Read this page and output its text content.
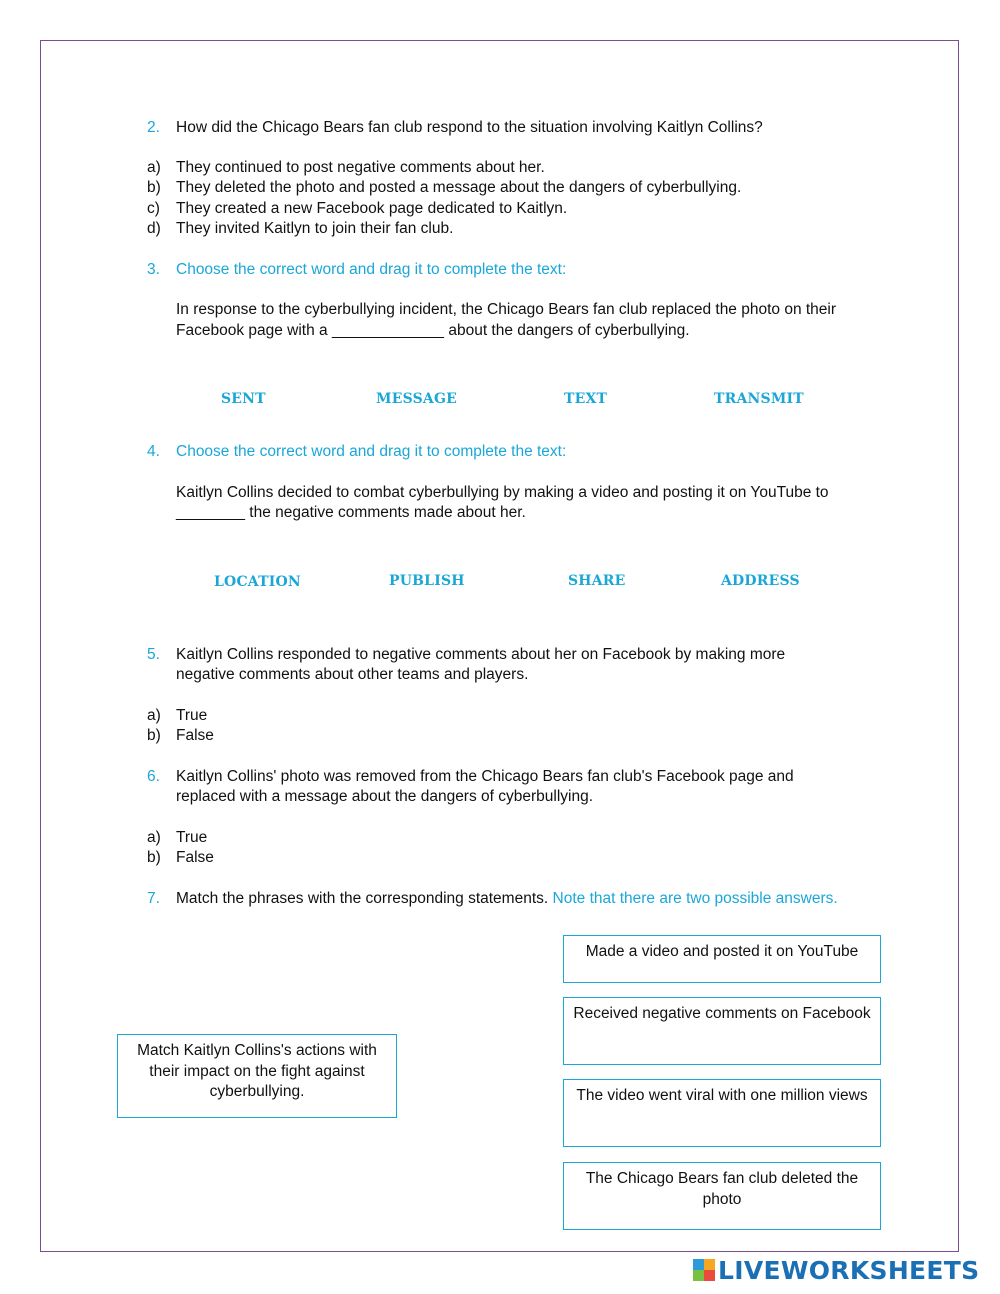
2. How did the Chicago Bears fan club respond to the situation involving Kaitlyn Collins?
a) They continued to post negative comments about her.
b) They deleted the photo and posted a message about the dangers of cyberbullying.
c) They created a new Facebook page dedicated to Kaitlyn.
d) They invited Kaitlyn to join their fan club.
3. Choose the correct word and drag it to complete the text:
In response to the cyberbullying incident, the Chicago Bears fan club replaced the photo on their
Facebook page with a _____________ about the dangers of cyberbullying.
SENT	MESSAGE	TEXT	TRANSMIT
4. Choose the correct word and drag it to complete the text:
Kaitlyn Collins decided to combat cyberbullying by making a video and posting it on YouTube to
________ the negative comments made about her.
LOCATION	PUBLISH	SHARE	ADDRESS
5. Kaitlyn Collins responded to negative comments about her on Facebook by making more
negative comments about other teams and players.
a) True
b) False
6. Kaitlyn Collins' photo was removed from the Chicago Bears fan club's Facebook page and
replaced with a message about the dangers of cyberbullying.
a) True
b) False
7. Match the phrases with the corresponding statements. Note that there are two possible answers.
Match Kaitlyn Collins's actions with their impact on the fight against cyberbullying.
Made a video and posted it on YouTube
Received negative comments on Facebook
The video went viral with one million views
The Chicago Bears fan club deleted the photo
LIVEWORKSHEETS
